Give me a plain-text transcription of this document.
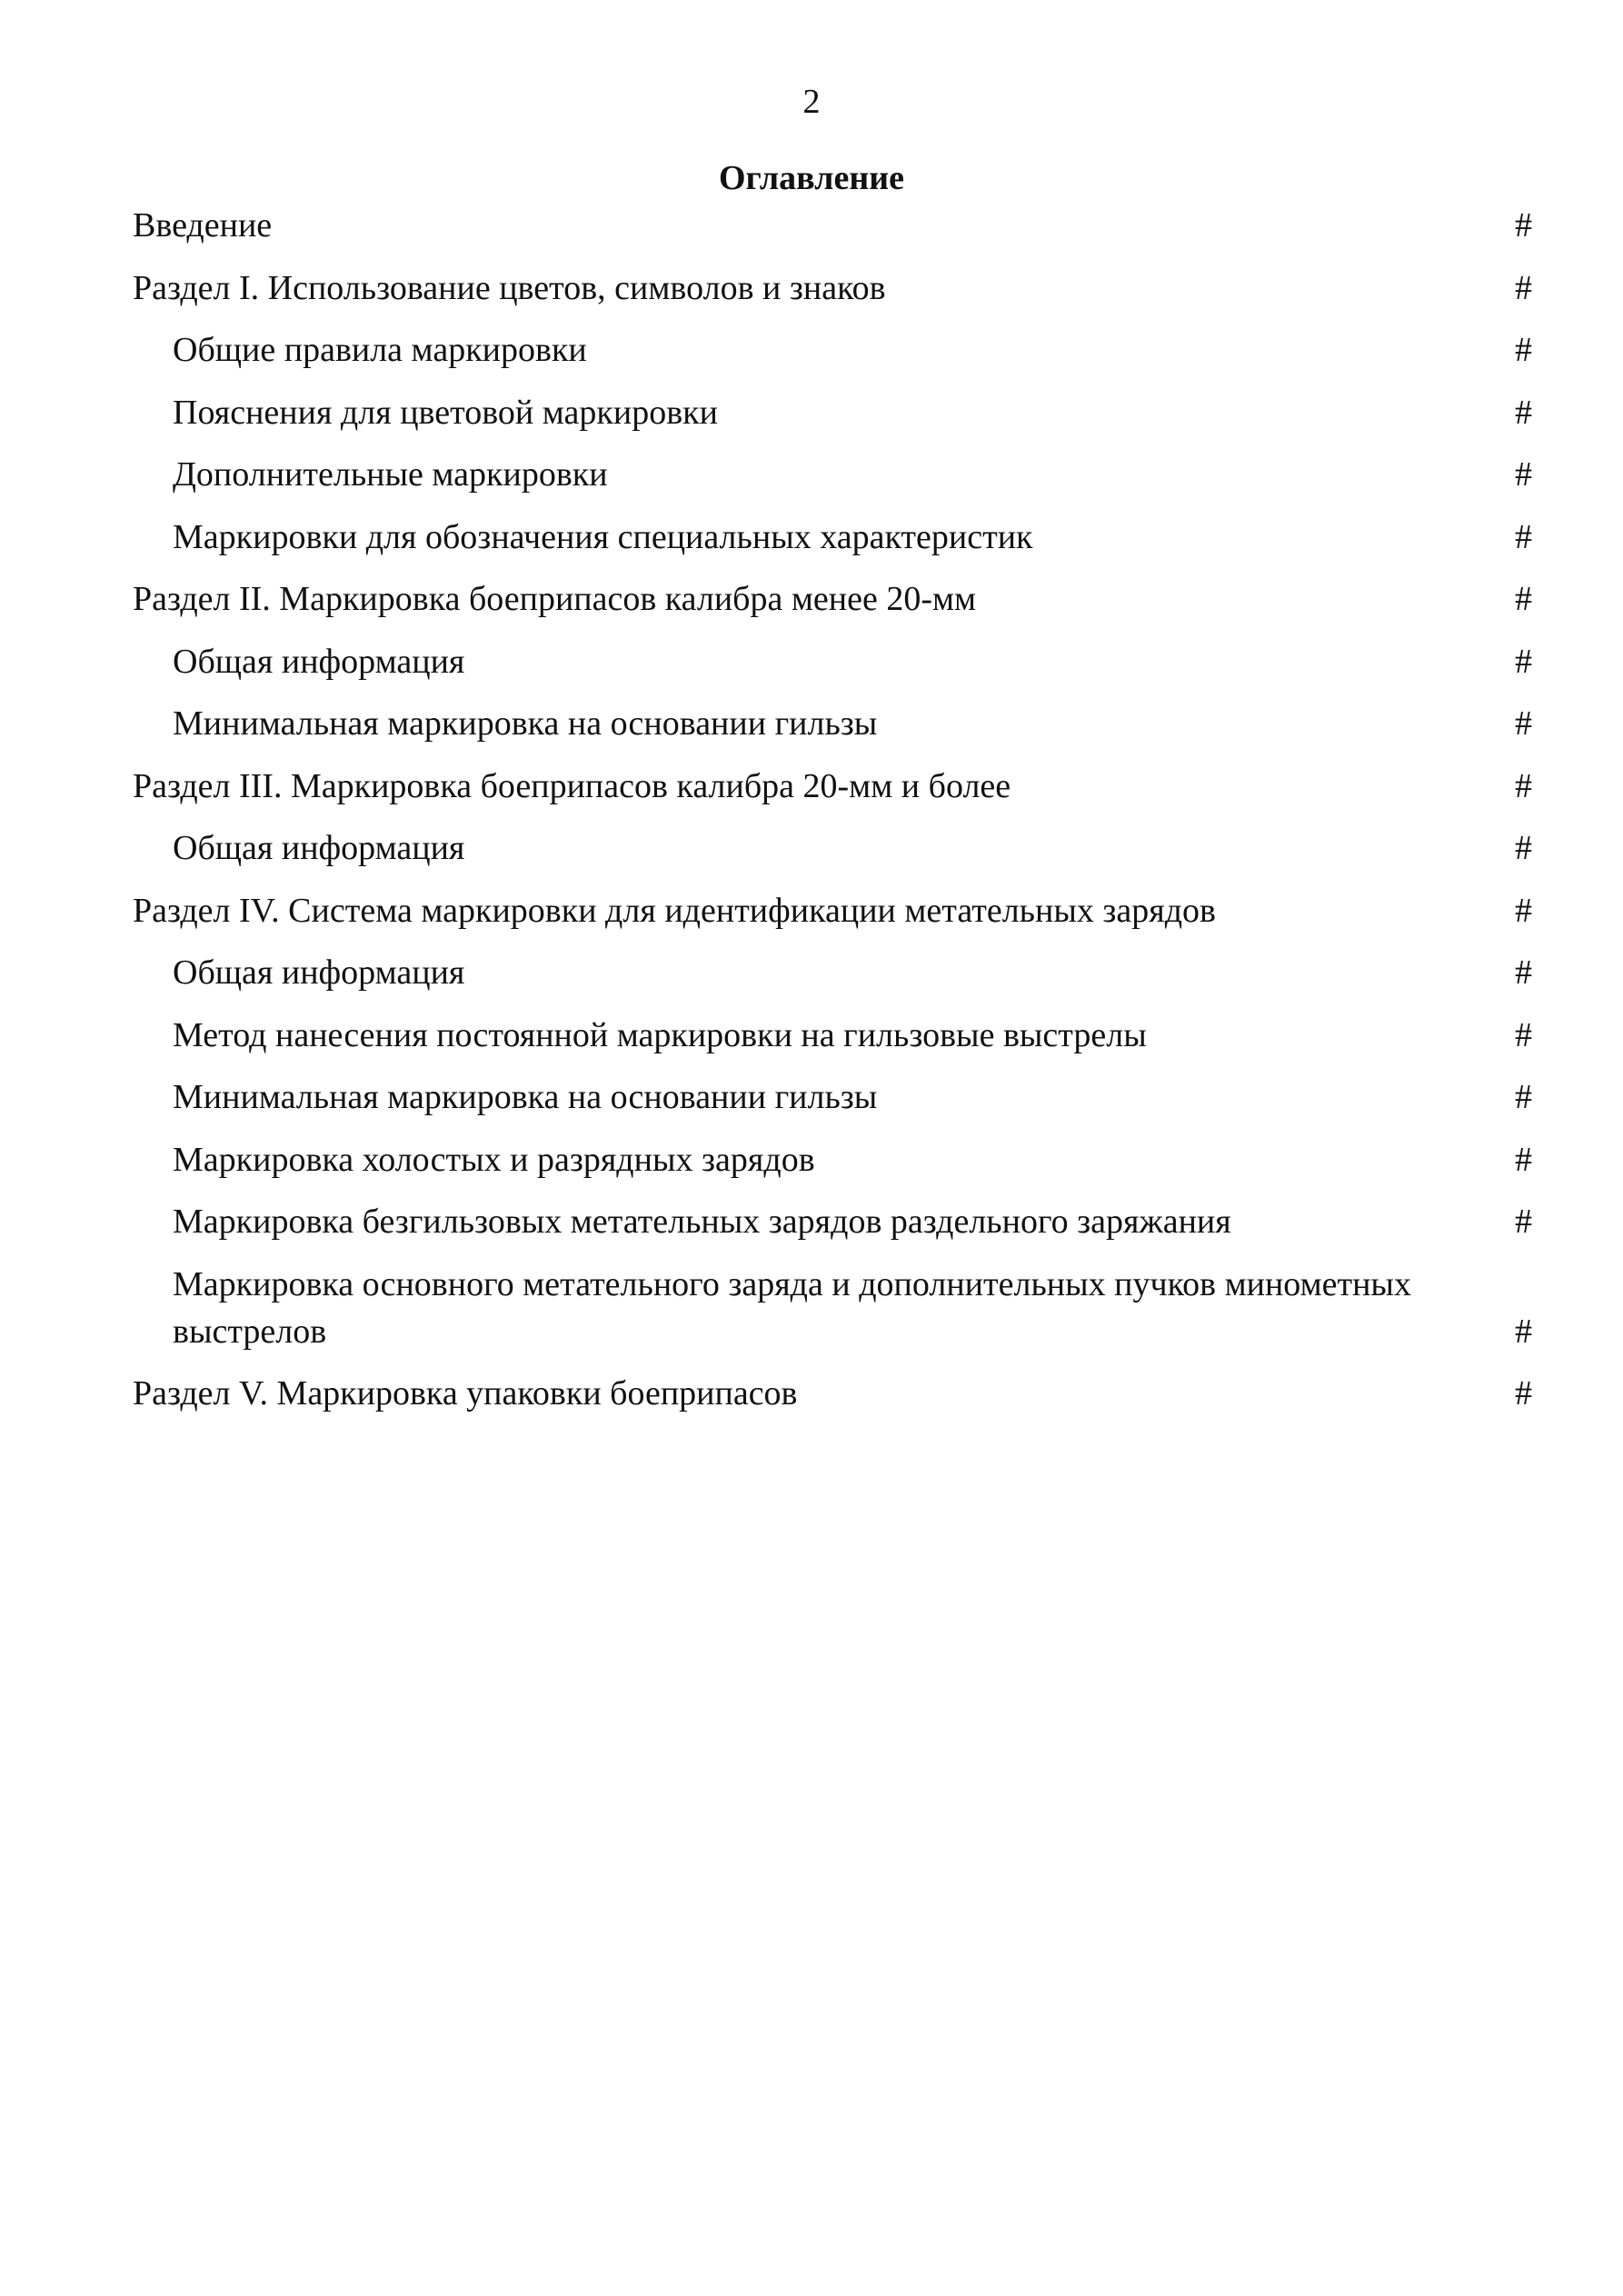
2
Оглавление
Введение	#
Раздел I. Использование цветов, символов и знаков	#
Общие правила маркировки	#
Пояснения для цветовой маркировки	#
Дополнительные маркировки	#
Маркировки для обозначения специальных характеристик	#
Раздел II. Маркировка боеприпасов калибра менее 20-мм	#
Общая информация	#
Минимальная маркировка на основании гильзы	#
Раздел III. Маркировка боеприпасов калибра 20-мм и более	#
Общая информация	#
Раздел IV. Система маркировки для идентификации метательных зарядов	#
Общая информация	#
Метод нанесения постоянной маркировки на гильзовые выстрелы	#
Минимальная маркировка на основании гильзы	#
Маркировка холостых и разрядных зарядов	#
Маркировка безгильзовых метательных зарядов раздельного заряжания	#
Маркировка основного метательного заряда и дополнительных пучков минометных выстрелов	#
Раздел V. Маркировка упаковки боеприпасов	#
